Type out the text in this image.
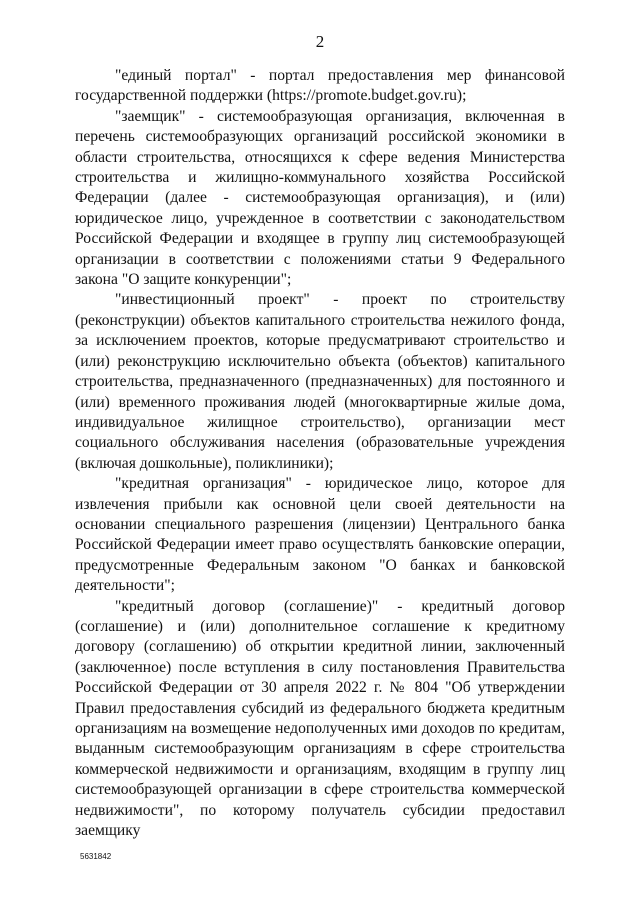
2

"единый портал" - портал предоставления мер финансовой государственной поддержки (https://promote.budget.gov.ru);

"заемщик" - системообразующая организация, включенная в перечень системообразующих организаций российской экономики в области строительства, относящихся к сфере ведения Министерства строительства и жилищно-коммунального хозяйства Российской Федерации (далее - системообразующая организация), и (или) юридическое лицо, учрежденное в соответствии с законодательством Российской Федерации и входящее в группу лиц системообразующей организации в соответствии с положениями статьи 9 Федерального закона "О защите конкуренции";

"инвестиционный проект" - проект по строительству (реконструкции) объектов капитального строительства нежилого фонда, за исключением проектов, которые предусматривают строительство и (или) реконструкцию исключительно объекта (объектов) капитального строительства, предназначенного (предназначенных) для постоянного и (или) временного проживания людей (многоквартирные жилые дома, индивидуальное жилищное строительство), организации мест социального обслуживания населения (образовательные учреждения (включая дошкольные), поликлиники);

"кредитная организация" - юридическое лицо, которое для извлечения прибыли как основной цели своей деятельности на основании специального разрешения (лицензии) Центрального банка Российской Федерации имеет право осуществлять банковские операции, предусмотренные Федеральным законом "О банках и банковской деятельности";

"кредитный договор (соглашение)" - кредитный договор (соглашение) и (или) дополнительное соглашение к кредитному договору (соглашению) об открытии кредитной линии, заключенный (заключенное) после вступления в силу постановления Правительства Российской Федерации от 30 апреля 2022 г. № 804 "Об утверждении Правил предоставления субсидий из федерального бюджета кредитным организациям на возмещение недополученных ими доходов по кредитам, выданным системообразующим организациям в сфере строительства коммерческой недвижимости и организациям, входящим в группу лиц системообразующей организации в сфере строительства коммерческой недвижимости", по которому получатель субсидии предоставил заемщику

5631842
